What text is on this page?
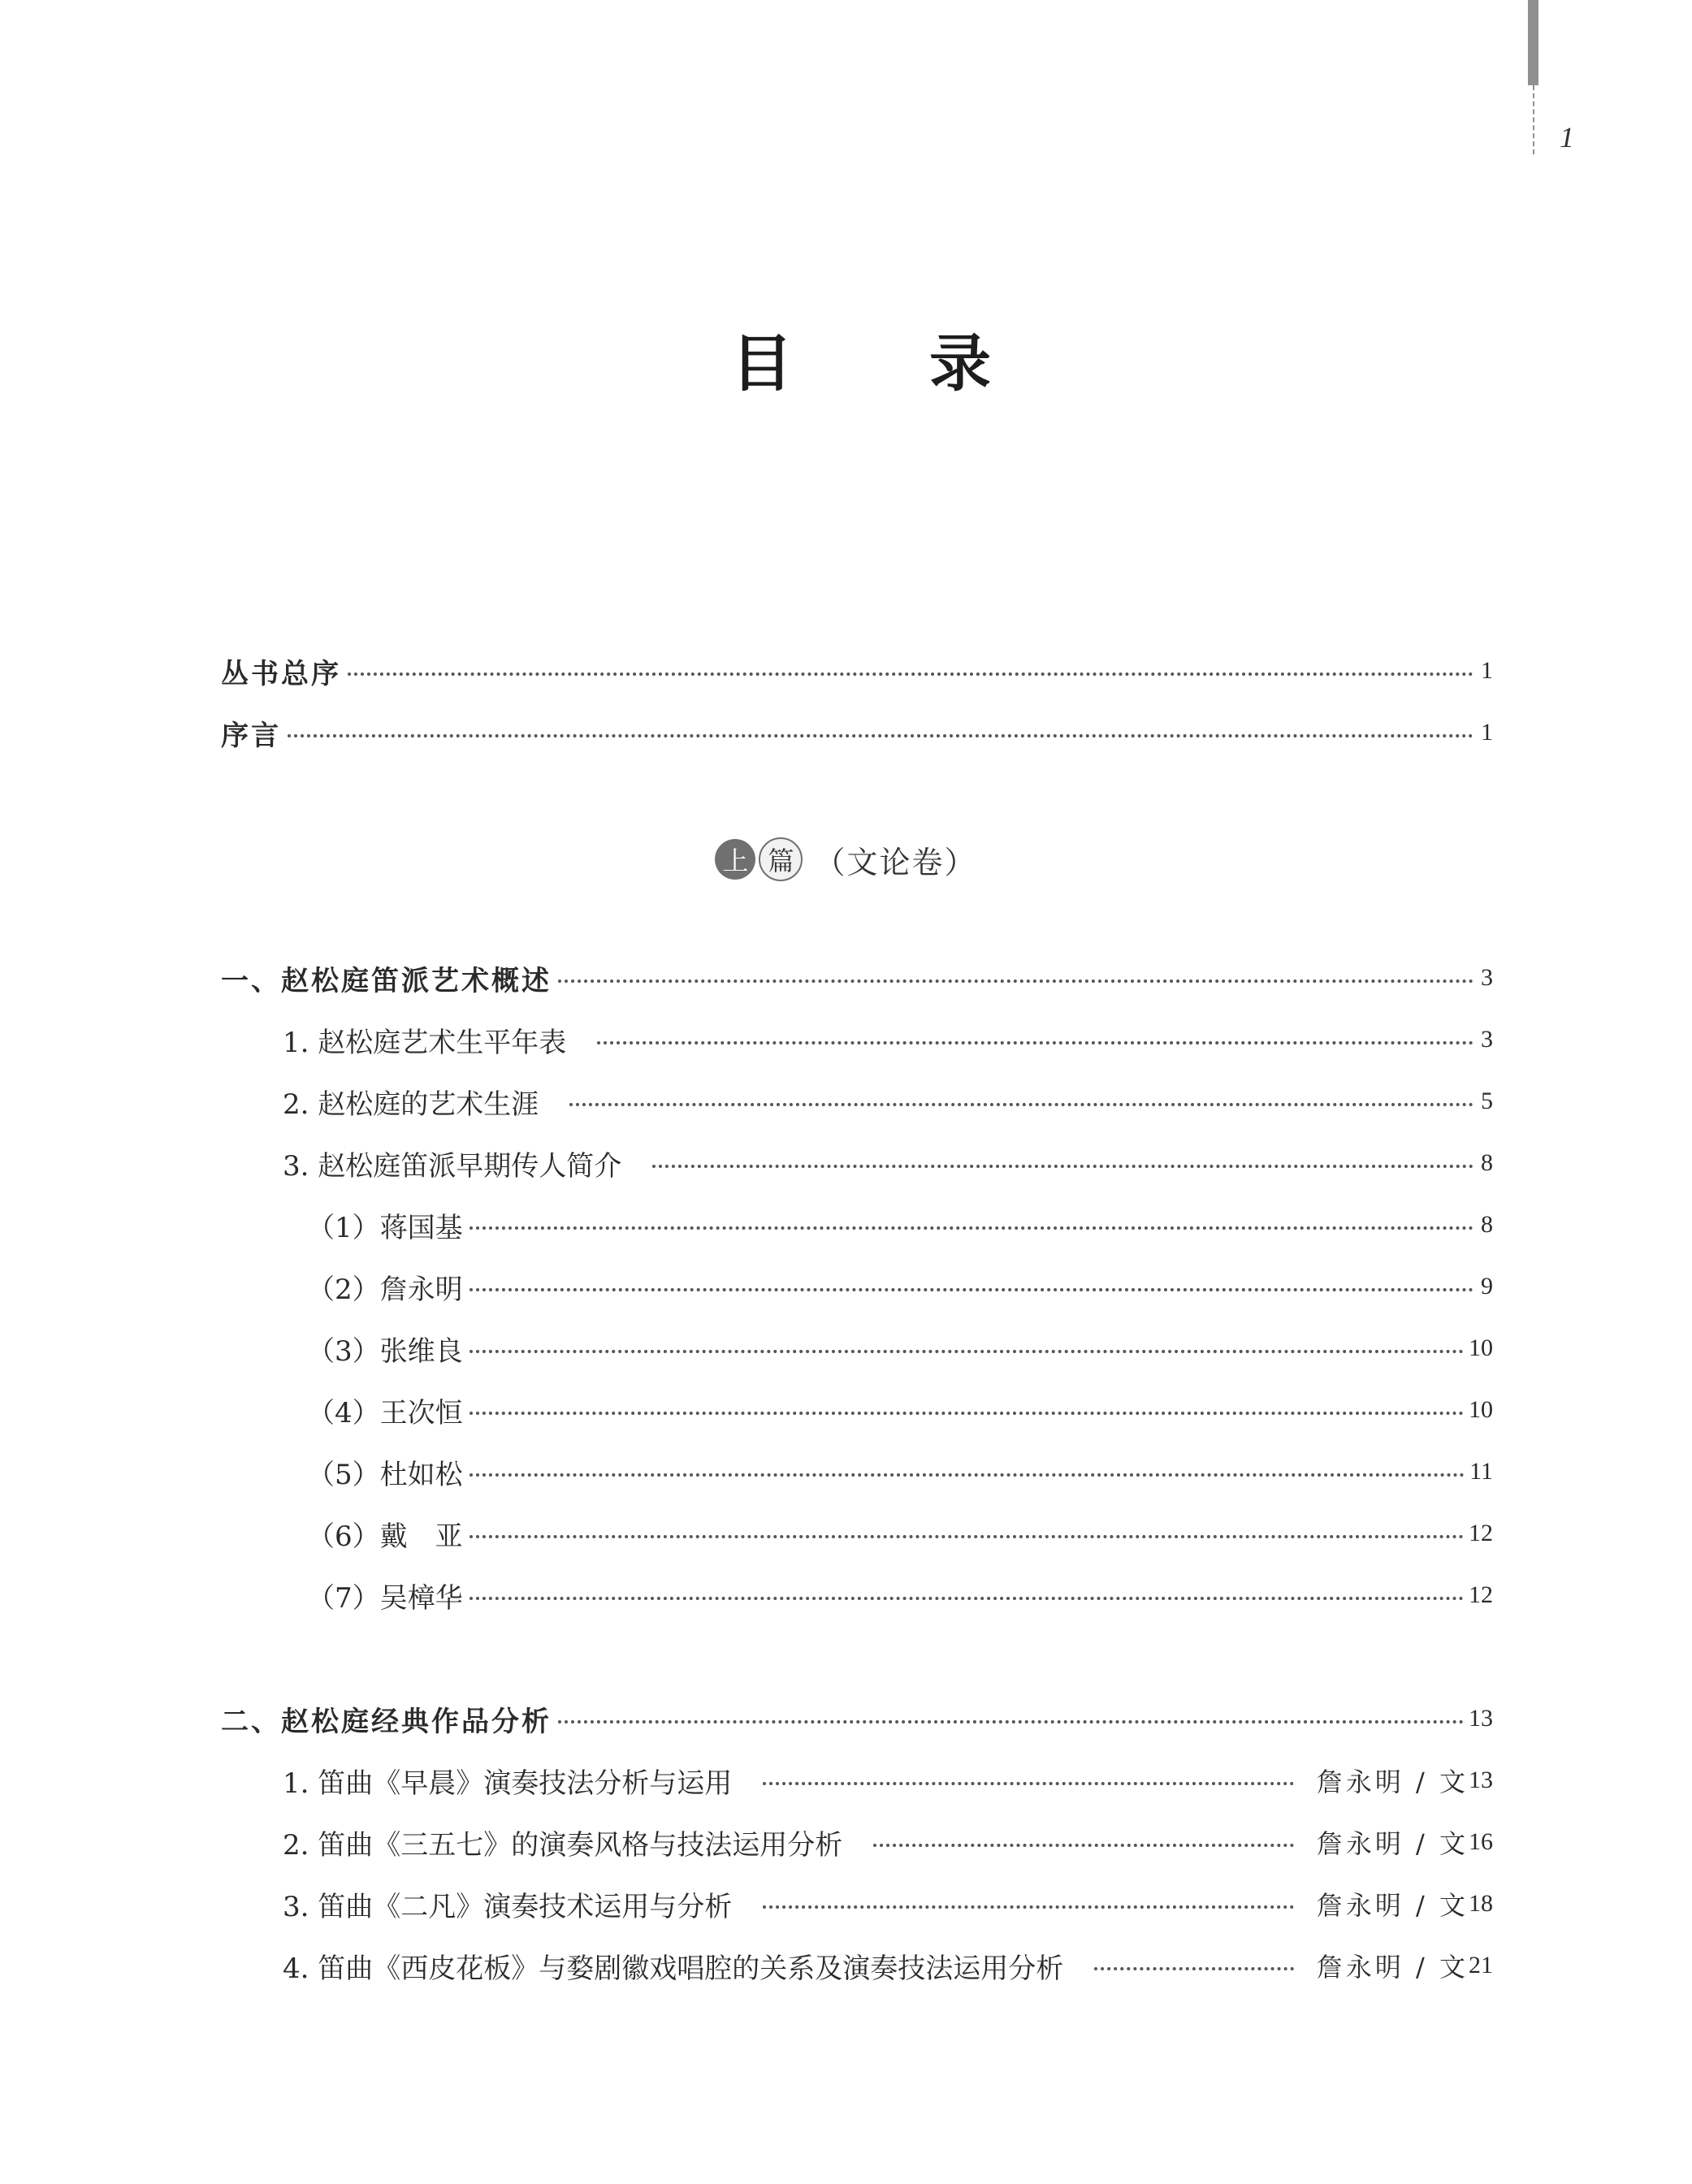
1
目 录
丛书总序	1
序言	1
上 篇 （文论卷）
一、赵松庭笛派艺术概述	3
1. 赵松庭艺术生平年表	3
2. 赵松庭的艺术生涯	5
3. 赵松庭笛派早期传人简介	8
（1）蒋国基	8
（2）詹永明	9
（3）张维良	10
（4）王次恒	10
（5）杜如松	11
（6）戴　亚	12
（7）吴樟华	12
二、赵松庭经典作品分析	13
1. 笛曲《早晨》演奏技法分析与运用	詹永明 / 文 13
2. 笛曲《三五七》的演奏风格与技法运用分析	詹永明 / 文 16
3. 笛曲《二凡》演奏技术运用与分析	詹永明 / 文 18
4. 笛曲《西皮花板》与婺剧徽戏唱腔的关系及演奏技法运用分析	詹永明 / 文 21
